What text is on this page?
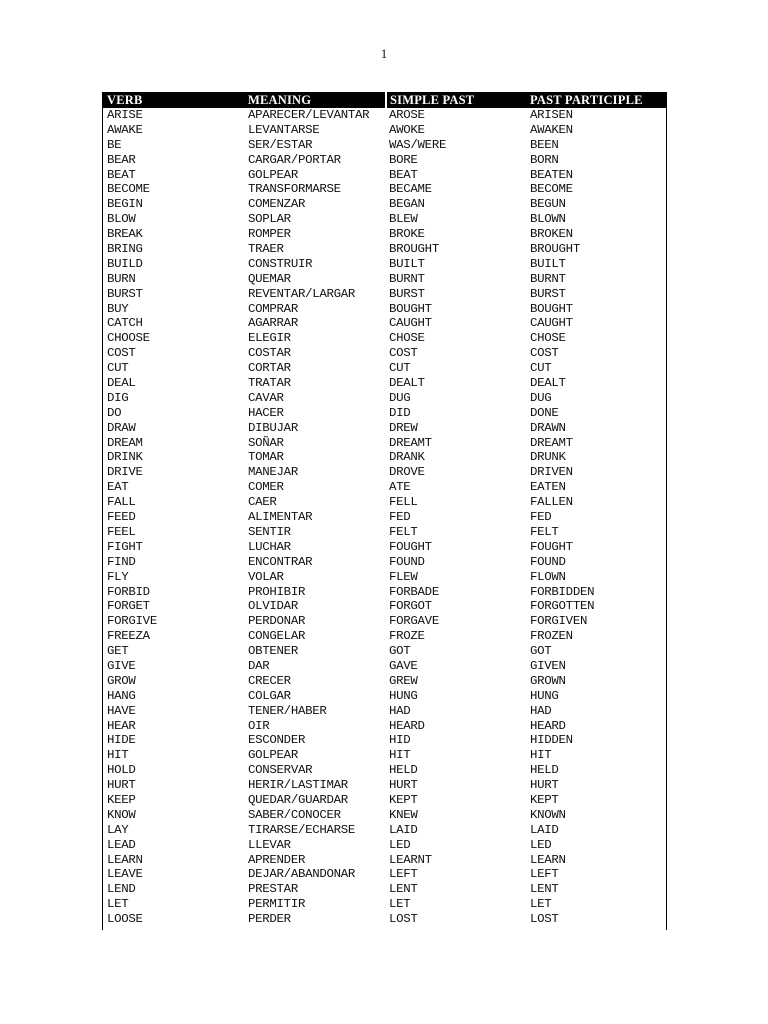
1
VERB	MEANING	SIMPLE PAST	PAST PARTICIPLE
ARISE	APARECER/LEVANTAR	AROSE	ARISEN
AWAKE	LEVANTARSE	AWOKE	AWAKEN
BE	SER/ESTAR	WAS/WERE	BEEN
BEAR	CARGAR/PORTAR	BORE	BORN
BEAT	GOLPEAR	BEAT	BEATEN
BECOME	TRANSFORMARSE	BECAME	BECOME
BEGIN	COMENZAR	BEGAN	BEGUN
BLOW	SOPLAR	BLEW	BLOWN
BREAK	ROMPER	BROKE	BROKEN
BRING	TRAER	BROUGHT	BROUGHT
BUILD	CONSTRUIR	BUILT	BUILT
BURN	QUEMAR	BURNT	BURNT
BURST	REVENTAR/LARGAR	BURST	BURST
BUY	COMPRAR	BOUGHT	BOUGHT
CATCH	AGARRAR	CAUGHT	CAUGHT
CHOOSE	ELEGIR	CHOSE	CHOSE
COST	COSTAR	COST	COST
CUT	CORTAR	CUT	CUT
DEAL	TRATAR	DEALT	DEALT
DIG	CAVAR	DUG	DUG
DO	HACER	DID	DONE
DRAW	DIBUJAR	DREW	DRAWN
DREAM	SOÑAR	DREAMT	DREAMT
DRINK	TOMAR	DRANK	DRUNK
DRIVE	MANEJAR	DROVE	DRIVEN
EAT	COMER	ATE	EATEN
FALL	CAER	FELL	FALLEN
FEED	ALIMENTAR	FED	FED
FEEL	SENTIR	FELT	FELT
FIGHT	LUCHAR	FOUGHT	FOUGHT
FIND	ENCONTRAR	FOUND	FOUND
FLY	VOLAR	FLEW	FLOWN
FORBID	PROHIBIR	FORBADE	FORBIDDEN
FORGET	OLVIDAR	FORGOT	FORGOTTEN
FORGIVE	PERDONAR	FORGAVE	FORGIVEN
FREEZA	CONGELAR	FROZE	FROZEN
GET	OBTENER	GOT	GOT
GIVE	DAR	GAVE	GIVEN
GROW	CRECER	GREW	GROWN
HANG	COLGAR	HUNG	HUNG
HAVE	TENER/HABER	HAD	HAD
HEAR	OIR	HEARD	HEARD
HIDE	ESCONDER	HID	HIDDEN
HIT	GOLPEAR	HIT	HIT
HOLD	CONSERVAR	HELD	HELD
HURT	HERIR/LASTIMAR	HURT	HURT
KEEP	QUEDAR/GUARDAR	KEPT	KEPT
KNOW	SABER/CONOCER	KNEW	KNOWN
LAY	TIRARSE/ECHARSE	LAID	LAID
LEAD	LLEVAR	LED	LED
LEARN	APRENDER	LEARNT	LEARN
LEAVE	DEJAR/ABANDONAR	LEFT	LEFT
LEND	PRESTAR	LENT	LENT
LET	PERMITIR	LET	LET
LOOSE	PERDER	LOST	LOST
